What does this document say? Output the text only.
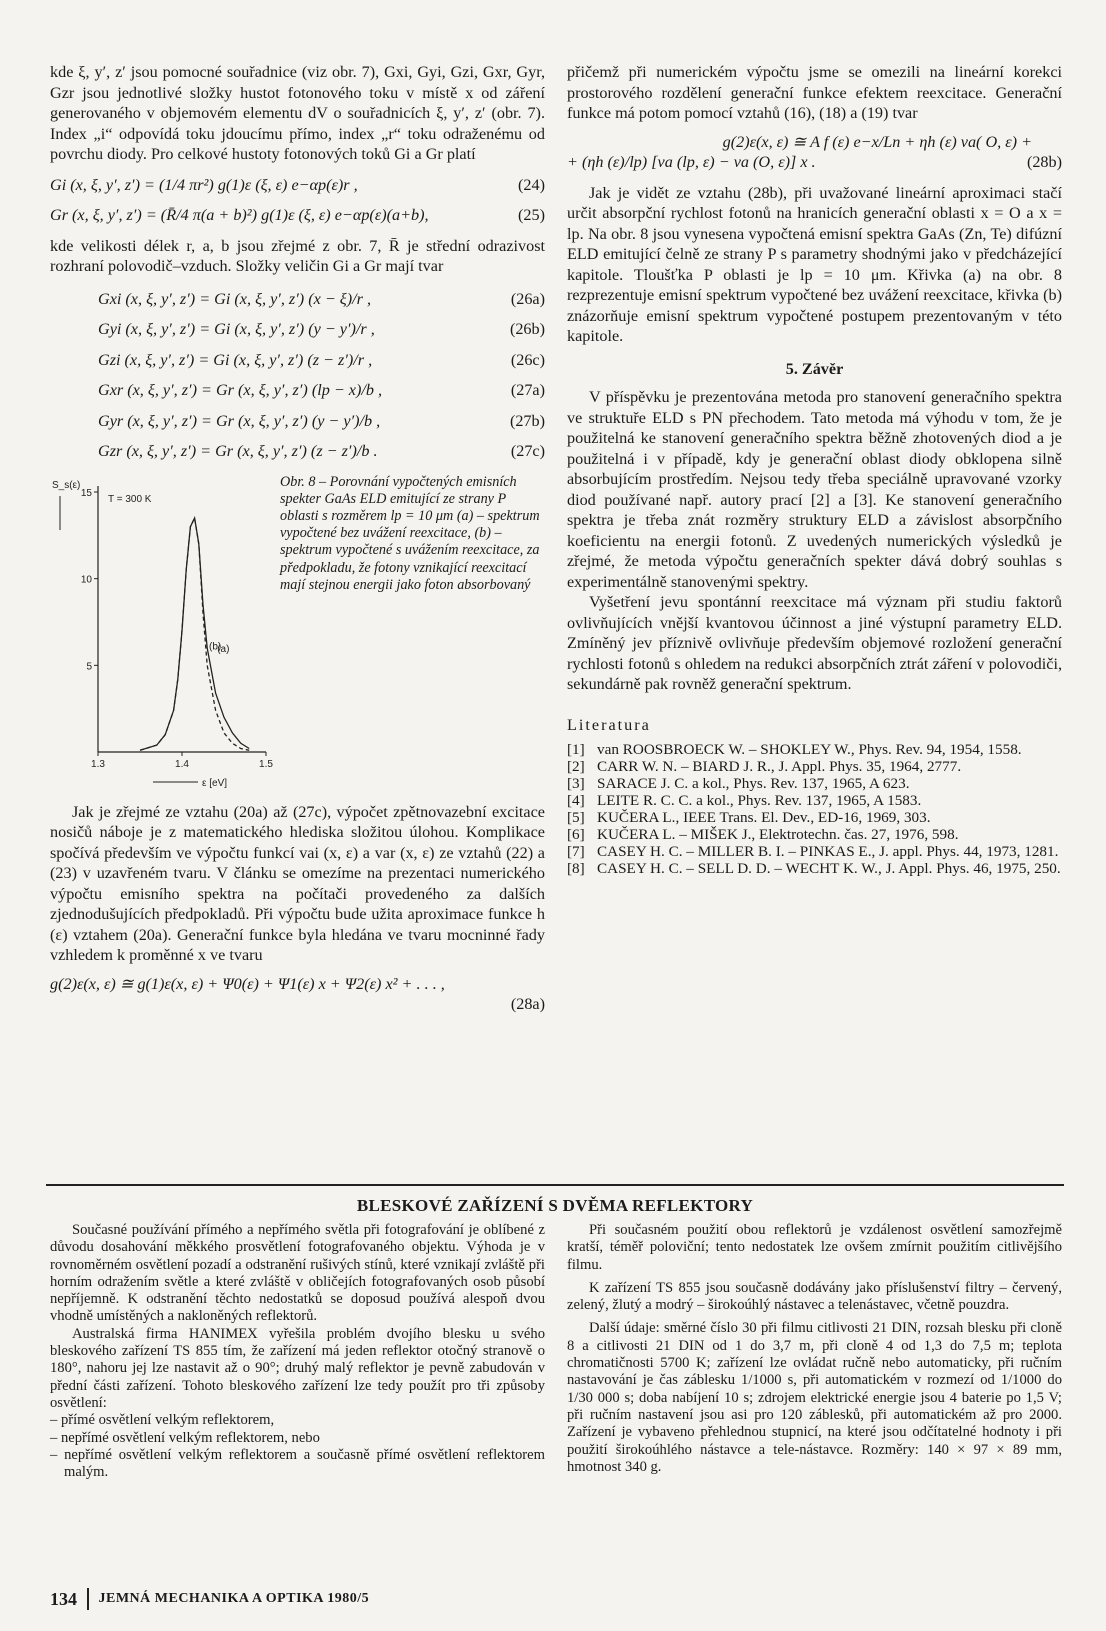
kde ξ, y′, z′ jsou pomocné souřadnice (viz obr. 7), Gxi, Gyi, Gzi, Gxr, Gyr, Gzr jsou jednotlivé složky hustot fotonového toku v místě x od záření generovaného v objemovém elementu dV o souřadnicích ξ, y′, z′ (obr. 7). Index „i“ odpovídá toku jdoucímu přímo, index „r“ toku odraženému od povrchu diody. Pro celkové hustoty fotonových toků Gi a Gr platí

Gi (x, ξ, y′, z′) = (1/4 πr²) g(1)ε (ξ, ε) e−αp(ε)r ,	(24)

Gr (x, ξ, y′, z′) = (R̄/4 π(a + b)²) g(1)ε (ξ, ε) e−αp(ε)(a+b),	(25)

kde velikosti délek r, a, b jsou zřejmé z obr. 7, R̄ je střední odrazivost rozhraní polovodič–vzduch. Složky veličin Gi a Gr mají tvar

Gxi (x, ξ, y′, z′) = Gi (x, ξ, y′, z′) (x − ξ)/r ,	(26a)

Gyi (x, ξ, y′, z′) = Gi (x, ξ, y′, z′) (y − y′)/r ,	(26b)

Gzi (x, ξ, y′, z′) = Gi (x, ξ, y′, z′) (z − z′)/r ,	(26c)

Gxr (x, ξ, y′, z′) = Gr (x, ξ, y′, z′) (lp − x)/b ,	(27a)

Gyr (x, ξ, y′, z′) = Gr (x, ξ, y′, z′) (y − y′)/b ,	(27b)

Gzr (x, ξ, y′, z′) = Gr (x, ξ, y′, z′) (z − z′)/b .	(27c)

5
10
15
1.3	1.4	1.5
S_s(ε)
T = 300 K
ε [eV]
(a)
(b)
Obr. 8 – Porovnání vypočtených emisních spekter GaAs ELD emitující ze strany P oblasti s rozměrem lp = 10 μm (a) – spektrum vypočtené bez uvážení reexcitace, (b) – spektrum vypočtené s uvážením reexcitace, za předpokladu, že fotony vznikající reexcitací mají stejnou energii jako foton absorbovaný

Jak je zřejmé ze vztahu (20a) až (27c), výpočet zpětnovazební excitace nosičů náboje je z matematického hlediska složitou úlohou. Komplikace spočívá především ve výpočtu funkcí vai (x, ε) a var (x, ε) ze vztahů (22) a (23) v uzavřeném tvaru. V článku se omezíme na prezentaci numerického výpočtu emisního spektra na počítači provedeného za dalších zjednodušujících předpokladů. Při výpočtu bude užita aproximace funkce h (ε) vztahem (20a). Generační funkce byla hledána ve tvaru mocninné řady vzhledem k proměnné x ve tvaru

g(2)ε(x, ε) ≅ g(1)ε(x, ε) + Ψ0(ε) + Ψ1(ε) x + Ψ2(ε) x² + . . . ,

(28a)

přičemž při numerickém výpočtu jsme se omezili na lineární korekci prostorového rozdělení generační funkce efektem reexcitace. Generační funkce má potom pomocí vztahů (16), (18) a (19) tvar

g(2)ε(x, ε) ≅ A f (ε) e−x/Ln + ηh (ε) va( O, ε) +

+ (ηh (ε)/lp) [va (lp, ε) − va (O, ε)] x .	(28b)

Jak je vidět ze vztahu (28b), při uvažované lineární aproximaci stačí určit absorpční rychlost fotonů na hranicích generační oblasti x = O a x = lp. Na obr. 8 jsou vynesena vypočtená emisní spektra GaAs (Zn, Te) difúzní ELD emitující čelně ze strany P s parametry shodnými jako v předcházející kapitole. Tloušťka P oblasti je lp = 10 μm. Křivka (a) na obr. 8 rezprezentuje emisní spektrum vypočtené bez uvážení reexcitace, křivka (b) znázorňuje emisní spektrum vypočtené postupem prezentovaným v této kapitole.

5. Závěr

V příspěvku je prezentována metoda pro stanovení generačního spektra ve struktuře ELD s PN přechodem. Tato metoda má výhodu v tom, že je použitelná ke stanovení generačního spektra běžně zhotovených diod a je použitelná i v případě, kdy je generační oblast diody obklopena silně absorbujícím prostředím. Nejsou tedy třeba speciálně upravované vzorky diod používané např. autory prací [2] a [3]. Ke stanovení generačního spektra je třeba znát rozměry struktury ELD a závislost absorpčního koeficientu na energii fotonů. Z uvedených numerických výsledků je zřejmé, že metoda výpočtu generačních spekter dává dobrý souhlas s experimentálně stanovenými spektry.

Vyšetření jevu spontánní reexcitace má význam při studiu faktorů ovlivňujících vnější kvantovou účinnost a jiné výstupní parametry ELD. Zmíněný jev příznivě ovlivňuje především objemové rozložení generační rychlosti fotonů s ohledem na redukci absorpčních ztrát záření v polovodiči, sekundárně pak rovněž generační spektrum.

Literatura

[1] van ROOSBROECK W. – SHOKLEY W., Phys. Rev. 94, 1954, 1558.

[2] CARR W. N. – BIARD J. R., J. Appl. Phys. 35, 1964, 2777.

[3] SARACE J. C. a kol., Phys. Rev. 137, 1965, A 623.

[4] LEITE R. C. C. a kol., Phys. Rev. 137, 1965, A 1583.

[5] KUČERA L., IEEE Trans. El. Dev., ED-16, 1969, 303.

[6] KUČERA L. – MIŠEK J., Elektrotechn. čas. 27, 1976, 598.

[7] CASEY H. C. – MILLER B. I. – PINKAS E., J. appl. Phys. 44, 1973, 1281.

[8] CASEY H. C. – SELL D. D. – WECHT K. W., J. Appl. Phys. 46, 1975, 250.

BLESKOVÉ ZAŘÍZENÍ S DVĚMA REFLEKTORY

Současné používání přímého a nepřímého světla při fotografování je oblíbené z důvodu dosahování měkkého prosvětlení fotografovaného objektu. Výhoda je v rovnoměrném osvětlení pozadí a odstranění rušivých stínů, které vznikají zvláště při horním odražením světle a které zvláště v obličejích fotografovaných osob působí nepříjemně. K odstranění těchto nedostatků se doposud používá alespoň dvou vhodně umístěných a nakloněných reflektorů.

Australská firma HANIMEX vyřešila problém dvojího blesku u svého bleskového zařízení TS 855 tím, že zařízení má jeden reflektor otočný stranově o 180°, nahoru jej lze nastavit až o 90°; druhý malý reflektor je pevně zabudován v přední části zařízení. Tohoto bleskového zařízení lze tedy použít pro tři způsoby osvětlení:

– přímé osvětlení velkým reflektorem,

– nepřímé osvětlení velkým reflektorem, nebo

– nepřímé osvětlení velkým reflektorem a současně přímé osvětlení reflektorem malým.

Při současném použití obou reflektorů je vzdálenost osvětlení samozřejmě kratší, téměř poloviční; tento nedostatek lze ovšem zmírnit použitím citlivějšího filmu.

K zařízení TS 855 jsou současně dodávány jako příslušenství filtry – červený, zelený, žlutý a modrý – širokoúhlý nástavec a telenástavec, včetně pouzdra.

Další údaje: směrné číslo 30 při filmu citlivosti 21 DIN, rozsah blesku při cloně 8 a citlivosti 21 DIN od 1 do 3,7 m, při cloně 4 od 1,3 do 7,5 m; teplota chromatičnosti 5700 K; zařízení lze ovládat ručně nebo automaticky, při ručním nastavování je čas záblesku 1/1000 s, při automatickém v rozmezí od 1/1000 do 1/30 000 s; doba nabíjení 10 s; zdrojem elektrické energie jsou 4 baterie po 1,5 V; při ručním nastavení jsou asi pro 120 záblesků, při automatickém až pro 2000. Zařízení je vybaveno přehlednou stupnicí, na které jsou odčítatelné hodnoty i při použití širokoúhlého nástavce a tele-nástavce. Rozměry: 140 × 97 × 89 mm, hmotnost 340 g.

134 JEMNÁ MECHANIKA A OPTIKA 1980/5
